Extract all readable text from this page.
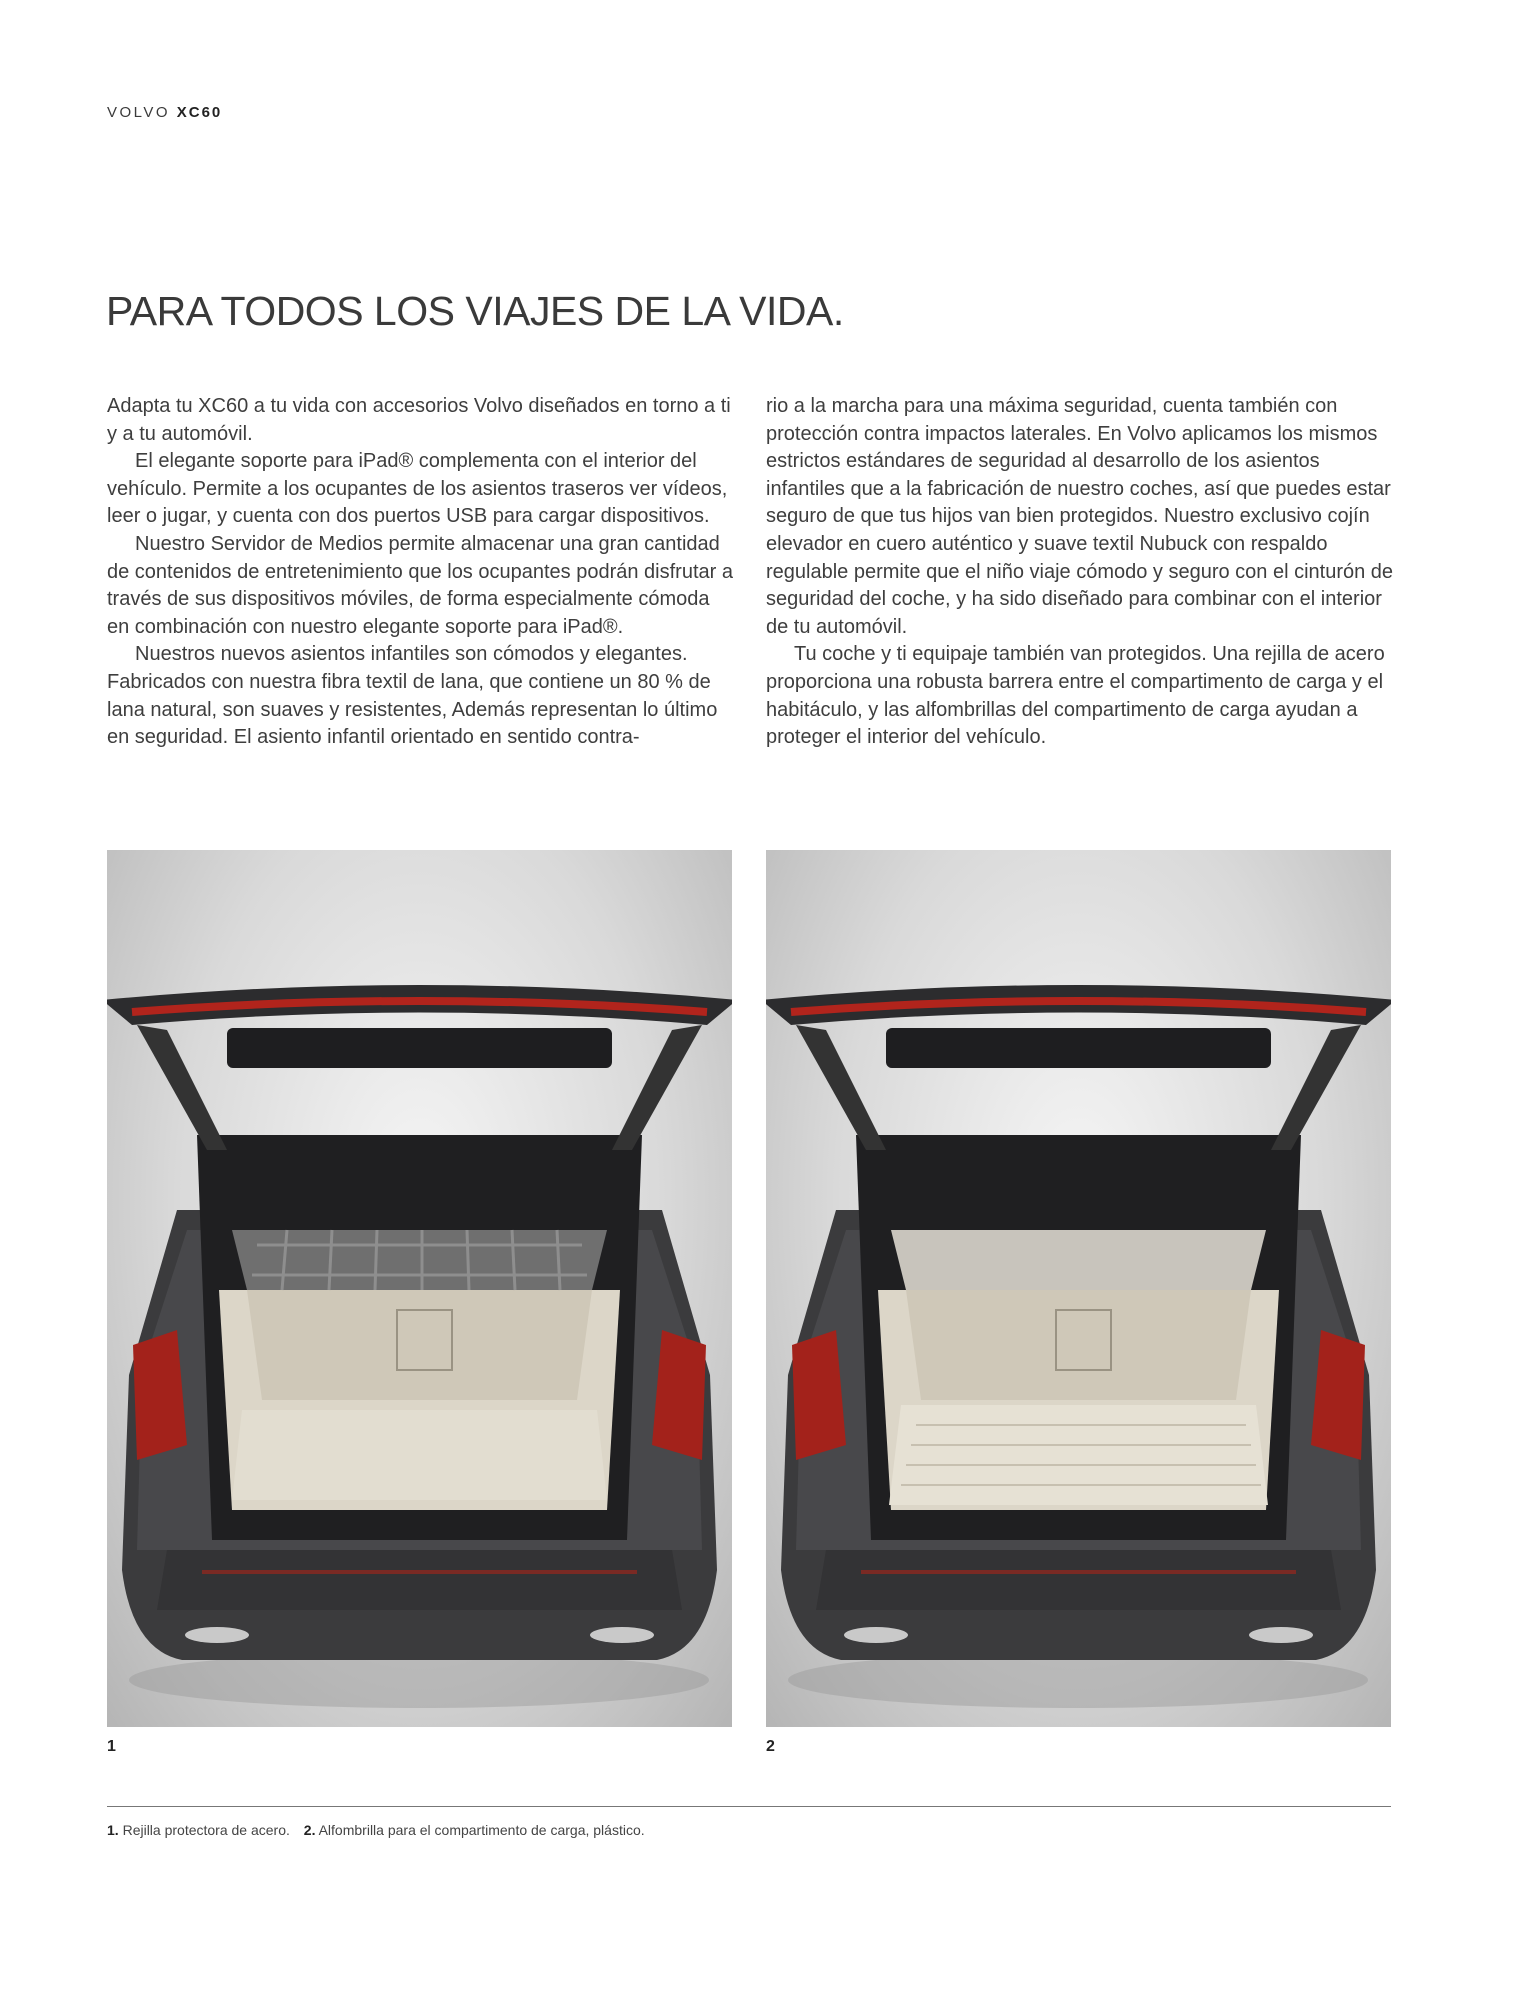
VOLVO XC60
PARA TODOS LOS VIAJES DE LA VIDA.

Adapta tu XC60 a tu vida con accesorios Volvo diseñados en torno a ti y a tu automóvil.

El elegante soporte para iPad® complementa con el interior del vehículo. Permite a los ocupantes de los asientos traseros ver vídeos, leer o jugar, y cuenta con dos puertos USB para cargar dispositivos.

Nuestro Servidor de Medios permite almacenar una gran cantidad de contenidos de entretenimiento que los ocupantes podrán disfrutar a través de sus dispositivos móviles, de forma especialmente cómoda en combinación con nuestro elegante soporte para iPad®.

Nuestros nuevos asientos infantiles son cómodos y elegantes. Fabricados con nuestra fibra textil de lana, que contiene un 80 % de lana natural, son suaves y resistentes, Además representan lo último en seguridad. El asiento infantil orientado en sentido contra-

rio a la marcha para una máxima seguridad, cuenta también con protección contra impactos laterales. En Volvo aplicamos los mismos estrictos estándares de seguridad al desarrollo de los asientos infantiles que a la fabricación de nuestro coches, así que puedes estar seguro de que tus hijos van bien protegidos. Nuestro exclusivo cojín elevador en cuero auténtico y suave textil Nubuck con respaldo regulable permite que el niño viaje cómodo y seguro con el cinturón de seguridad del coche, y ha sido diseñado para combinar con el interior de tu automóvil.

Tu coche y ti equipaje también van protegidos. Una rejilla de acero proporciona una robusta barrera entre el compartimento de carga y el habitáculo, y las alfombrillas del compartimento de carga ayudan a proteger el interior del vehículo.

1	2
1. Rejilla protectora de acero. 2. Alfombrilla para el compartimento de carga, plástico.
